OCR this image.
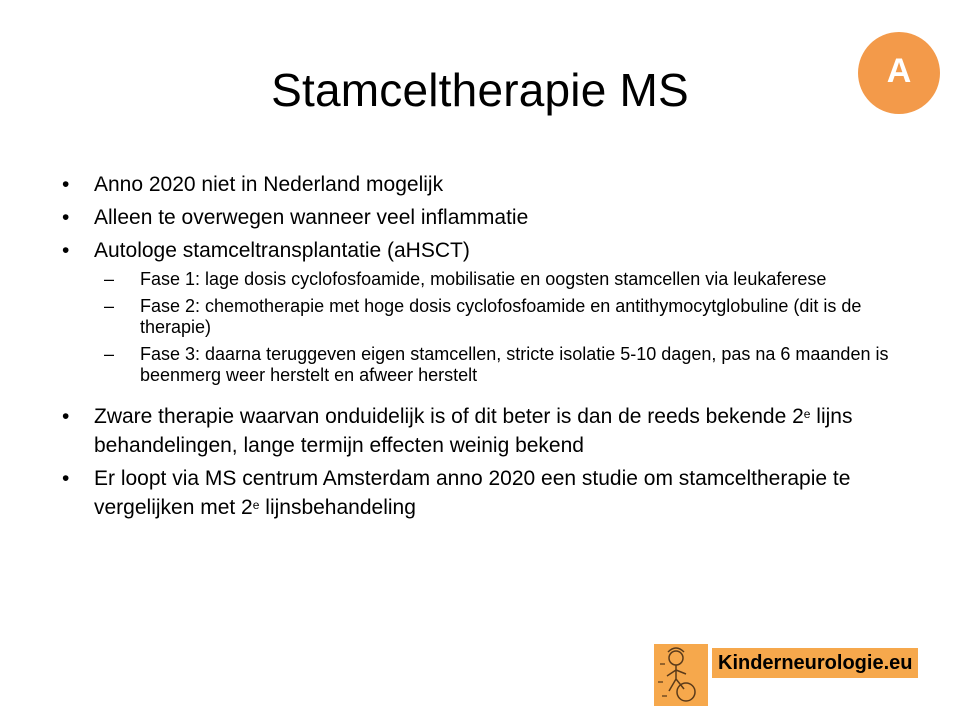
Stamceltherapie MS	A
•	Anno 2020 niet in Nederland mogelijk
•	Alleen te overwegen wanneer veel inflammatie
•	Autologe stamceltransplantatie (aHSCT)
– Fase 1: lage dosis cyclofosfoamide, mobilisatie en oogsten stamcellen via leukaferese
– Fase 2: chemotherapie met hoge dosis cyclofosfoamide en antithymocytglobuline (dit is de therapie)
– Fase 3: daarna teruggeven eigen stamcellen, stricte isolatie 5-10 dagen, pas na 6 maanden is beenmerg weer herstelt en afweer herstelt
•	Zware therapie waarvan onduidelijk is of dit beter is dan de reeds bekende 2e lijns behandelingen, lange termijn effecten weinig bekend
•	Er loopt via MS centrum Amsterdam anno 2020 een studie om stamceltherapie te vergelijken met 2e lijnsbehandeling
Kinderneurologie.eu
